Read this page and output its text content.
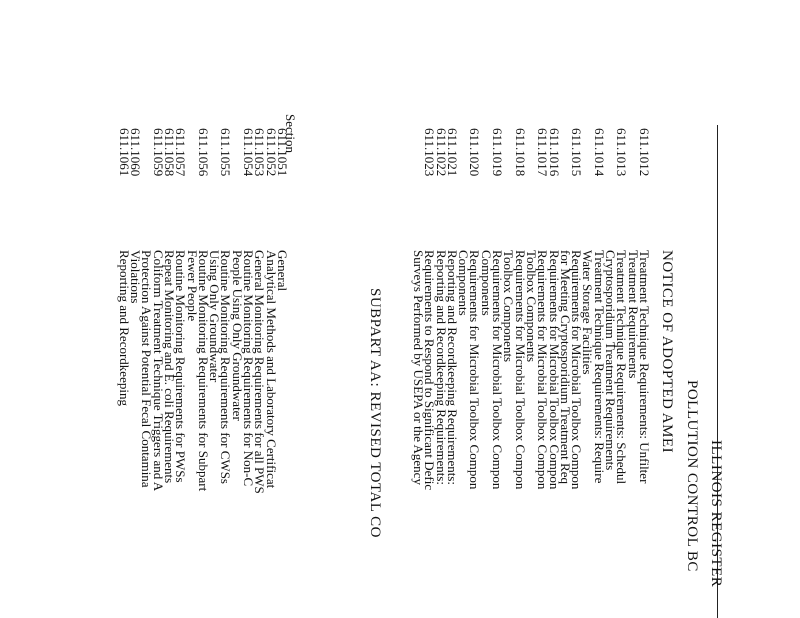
ILLINOIS REGISTER
POLLUTION CONTROL BC
NOTICE OF ADOPTED AMEI
611.1012
Treatment Technique Requirements: Unfilter
Treatment Requirements
611.1013
Treatment Technique Requirements: Schedul
Cryptosporidium Treatment Requirements
611.1014
Treatment Technique Requirements: Require
Water Storage Facilities
611.1015
Requirements for Microbial Toolbox Compon
for Meeting Cryptosporidium Treatment Req
611.1016
Requirements for Microbial Toolbox Compon
611.1017
Requirements for Microbial Toolbox Compon
Toolbox Components
611.1018
Requirements for Microbial Toolbox Compon
Toolbox Components
611.1019
Requirements for Microbial Toolbox Compon
Components
611.1020
Requirements for Microbial Toolbox Compon
Components
611.1021
Reporting and Recordkeeping Requirements:
611.1022
Reporting and Recordkeeping Requirements:
611.1023
Requirements to Respond to Significant Defic
Surveys Performed by USEPA or the Agency
SUBPART AA: REVISED TOTAL CO
Section
611.1051
General
611.1052
Analytical Methods and Laboratory Certificat
611.1053
General Monitoring Requirements for all PWS
611.1054
Routine Monitoring Requirements for Non-C
People Using Only Groundwater
611.1055
Routine Monitoring Requirements for CWSs
Using Only Groundwater
611.1056
Routine Monitoring Requirements for Subpart
Fewer People
611.1057
Routine Monitoring Requirements for PWSs
611.1058
Repeat Monitoring and E. coli Requirements
611.1059
Coliform Treatment Technique Triggers and A
Protection Against Potential Fecal Contamina
611.1060
Violations
611.1061
Reporting and Recordkeeping
